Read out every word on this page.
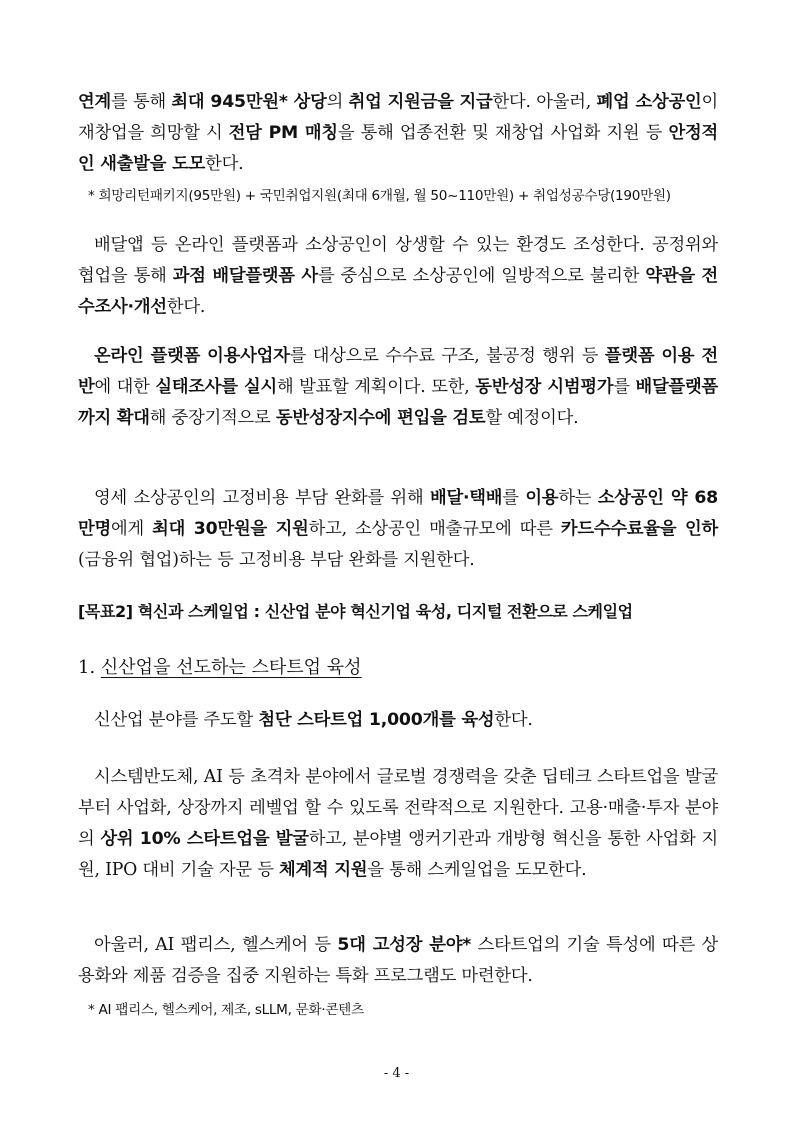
연계를 통해 최대 945만원* 상당의 취업 지원금을 지급한다. 아울러, 폐업 소상공인이 재창업을 희망할 시 전담 PM 매칭을 통해 업종전환 및 재창업 사업화 지원 등 안정적인 새출발을 도모한다.

* 희망리턴패키지(95만원) + 국민취업지원(최대 6개월, 월 50~110만원) + 취업성공수당(190만원)

배달앱 등 온라인 플랫폼과 소상공인이 상생할 수 있는 환경도 조성한다. 공정위와 협업을 통해 과점 배달플랫폼 사를 중심으로 소상공인에 일방적으로 불리한 약관을 전수조사·개선한다.

온라인 플랫폼 이용사업자를 대상으로 수수료 구조, 불공정 행위 등 플랫폼 이용 전반에 대한 실태조사를 실시해 발표할 계획이다. 또한, 동반성장 시범평가를 배달플랫폼까지 확대해 중장기적으로 동반성장지수에 편입을 검토할 예정이다.

영세 소상공인의 고정비용 부담 완화를 위해 배달·택배를 이용하는 소상공인 약 68만명에게 최대 30만원을 지원하고, 소상공인 매출규모에 따른 카드수수료율을 인하(금융위 협업)하는 등 고정비용 부담 완화를 지원한다.

[목표2] 혁신과 스케일업 : 신산업 분야 혁신기업 육성, 디지털 전환으로 스케일업

1. 신산업을 선도하는 스타트업 육성

신산업 분야를 주도할 첨단 스타트업 1,000개를 육성한다.

시스템반도체, AI 등 초격차 분야에서 글로벌 경쟁력을 갖춘 딥테크 스타트업을 발굴부터 사업화, 상장까지 레벨업 할 수 있도록 전략적으로 지원한다. 고용·매출·투자 분야의 상위 10% 스타트업을 발굴하고, 분야별 앵커기관과 개방형 혁신을 통한 사업화 지원, IPO 대비 기술 자문 등 체계적 지원을 통해 스케일업을 도모한다.

아울러, AI 팹리스, 헬스케어 등 5대 고성장 분야* 스타트업의 기술 특성에 따른 상용화와 제품 검증을 집중 지원하는 특화 프로그램도 마련한다.

* AI 팹리스, 헬스케어, 제조, sLLM, 문화·콘텐츠

- 4 -
